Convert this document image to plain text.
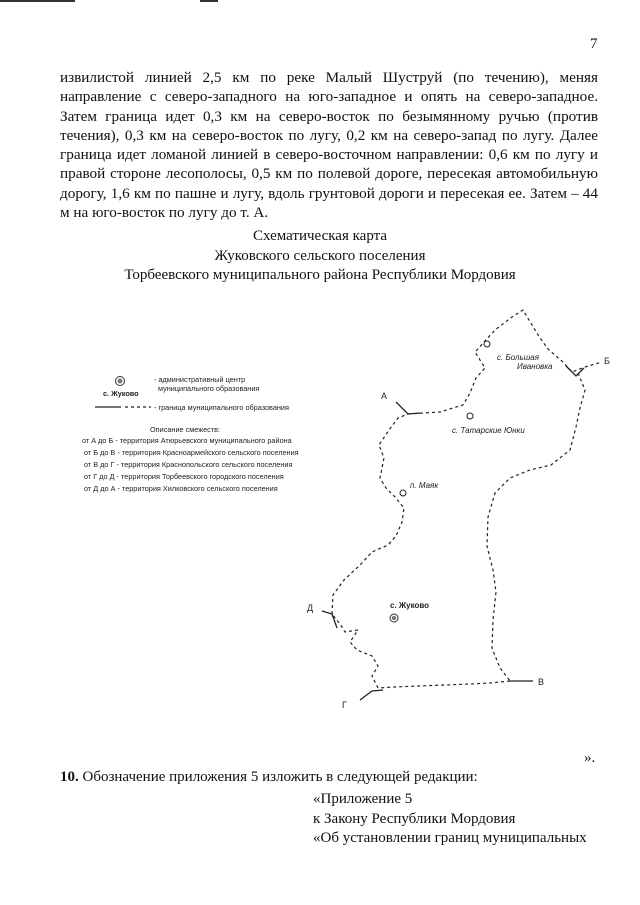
7
извилистой линией 2,5 км по реке Малый Шуструй (по течению), меняя
направление с северо-западного на юго-западное и опять на северо-западное.
Затем граница идет 0,3 км на северо-восток по безымянному ручью (против
течения), 0,3 км на северо-восток по лугу, 0,2 км на северо-запад по лугу. Далее
граница идет ломаной линией в северо-восточном направлении: 0,6 км по лугу и
правой стороне лесополосы, 0,5 км по полевой дороге, пересекая автомобильную
дорогу, 1,6 км по пашне и лугу, вдоль грунтовой дороги и пересекая ее. Затем – 44
м на юго-восток по лугу до т. А.
Схематическая карта
Жуковского сельского поселения
Торбеевского муниципального района Республики Мордовия
с. Жуково
- административный центр
муниципального образования
- граница муниципального образования
Описание смежеств:
от А до Б - территория Атюрьевского муниципального района
от Б до В - территория Красноармейского сельского поселения
от В до Г - территория Краснопольского сельского поселения
от Г до Д - территория Торбеевского городского поселения
от Д до А - территория Хилковского сельского поселения
А
Б
В
Г
Д
с. Большая
Ивановка
с. Татарские Юнки
п. Маяк
с. Жуково
».
10. Обозначение приложения 5 изложить в следующей редакции:
«Приложение 5
к Закону Республики Мордовия
«Об установлении границ муниципальных
